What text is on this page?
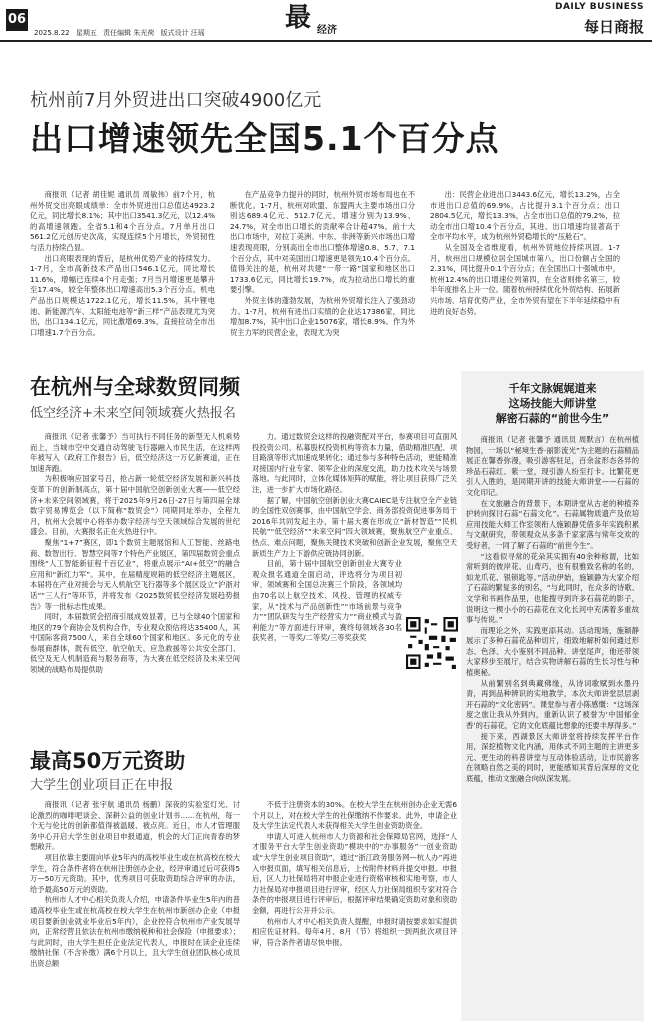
06
2025.8.22 星期五 责任编辑 朱光荷 版式设计 汪瑶	最 经济
DAILY BUSINESS
每日商报
杭州前7月外贸进出口突破4900亿元
出口增速领先全国5.1个百分点

商报讯（记者 胡佳妮 通讯员 周敏伟）前7个月，杭州外贸交出亮眼成绩单：全市外贸进出口总值达4923.2亿元，同比增长8.1%；其中出口3541.3亿元，以12.4%的高增速领跑。全省5.1和4个百分点。7月单月出口561.2亿元创历史次高，实现连续5个月增长，外贸韧性与活力持续凸显。

出口亮眼表现的背后，是杭州优势产业的持续发力。1-7月，全市高新技术产品出口546.1亿元，同比增长11.6%，增幅已连续4个月走强；7月当月增速更是攀升至17.4%，较全年整体出口增速高出5.3个百分点。机电产品出口规模达1722.1亿元，增长11.5%，其中锂电池、新能源汽车、太阳能电池等“新三样”产品表现尤为突出，出口134.1亿元，同比激增69.3%，直接拉动全市出口增速1.7个百分点。

在产品竞争力提升的同时，杭州外贸市场布局也在不断优化。1-7月，杭州对欧盟、东盟两大主要市场出口分别达689.4亿元、512.7亿元，增速分别为13.9%、24.7%，对全市出口增长的贡献率合计超47%。前十大出口市场中，对拉丁美洲、中东、非洲等新兴市场出口增速表现亮眼，分别高出全市出口整体增速0.8、5.7、7.1个百分点，其中对美国出口增速更是领先10.4个百分点。值得关注的是，杭州对共建“一带一路”国家和地区出口1733.6亿元，同比增长19.7%，成为拉动出口增长的重要引擎。

外贸主体的蓬勃发展，为杭州外贸增长注入了强劲动力。1-7月，杭州有进出口实绩的企业达17386家，同比增加8.7%，其中出口企业15076家，增长8.9%。作为外贸主力军的民营企业，表现尤为突

出：民营企业进出口3443.6亿元，增长13.2%，占全市进出口总值的69.9%，占比提升3.1个百分点；出口2804.5亿元，增长13.3%，占全市出口总值的79.2%，拉动全市出口增10.4个百分点，其进、出口增速均显著高于全市平均水平，成为杭州外贸稳增长的“压舱石”。

从全国及全省维度看，杭州外贸地位持续巩固。1-7月，杭州出口规模位居全国城市第八，出口份额占全国的2.31%，同比提升0.1个百分点；在全国出口十强城市中，杭州12.4%的出口增速位列第四，在全省则排名第三，较半年度排名上升一位。随着杭州持续优化外贸结构、拓展新兴市场、培育优势产业，全市外贸有望在下半年延续稳中有进的良好态势。

在杭州与全球数贸同频
低空经济+未来空间领域赛火热报名

商报讯（记者 张馨予）当可执行不同任务的新型无人机乘势而上，当城市空中交通自动驾驶飞行器融入市民生活，在这样两年被写入《政府工作报告》后，低空经济这一万亿新赛道，正在加速奔跑。

为积极响应国家号召，抢占新一轮低空经济发展和新兴科技变革下的创新制高点，第十届中国航空创新创业大赛——低空经济+未来空间领域赛，将于2025年9月26日-27日与第四届全球数字贸易博览会（以下简称“数贸会”）同期同址举办，全程九月，杭州大会展中心将举办数字经济与空天领域综合发展的世纪盛会。目前，大赛报名正在火热进行中。

聚焦“1+7”赛区，即1个数贸主题展馆和人工智能、丝路电商、数智出行、智慧空间等7个特色产业展区，第四届数贸会重点围绕“人工智能新征程千百亿业”，将重点展示“AI+低空”的融合应用和“新红力军”。其中，在届精度规箱的低空经济主题展区，本届将在产业对接会与无人机航空飞行器等多个展区设立“沪浙对话”“三人行”等环节，并将发布《2025数贸低空经济发展趋势报告》等一批标志性成果。

同时，本届数贸会招商引展成效显著，已与全球40个国家和地区的79个商协会及机构合作，专业观众预估将达35400人，其中国际客商7500人，来自全球60个国家和地区。多元化的专业参展商群体，既有低空、航空航天、应急救援等公共安全部门、低空及无人机制造商与服务商等，为大赛在低空经济及未来空间领域的战略布局提供助

力。通过数贸会这样的投融资配对平台，参赛项目可直面风投投资公司、私募股权投资机构等资本力量，借助精准匹配、项目路演等形式加速成果转化；通过参与多种特色活动，更能精准对接国内行业专家、领军企业的深度交流，助力技术攻关与场景落地。与此同时，立体化媒体矩阵的赋能，将让项目获得广泛关注，进一步扩大市场化路径。

据了解，中国航空创新创业大赛CAIEC是专注航空全产业链的全国性双创赛事，由中国航空学会、商务部投资促进事务局于2016年共同发起主办，第十届大赛在形成立“新材智造”“民机民航”“低空经济”“未来空间”四大领域赛，聚焦航空产业重点、热点、难点问题，聚焦关键技术突破和创新企业发展，聚焦空天新质生产力上下游供应链协同创新。

目前，第十届中国航空创新创业大赛专业观众报名通道全面启动，评选将分为项目初审、领域赛和全国总决赛三个阶段，各领域均由70名以上航空技术、风投、管理的权威专家，从“技术与产品创新性”“市场前景与竞争力”“团队研发与生产经营实力”“商业模式与盈利能力”等方面进行评审，赛终每领域各30名获奖者，一等奖/二等奖/三等奖获奖

最高50万元资助
大学生创业项目正在申报

商报讯（记者 张宇航 通讯员 杨鹏）深夜的实验室灯光、讨论激烈的咖啡吧谈会、深耕公益的创业计划书……在杭州，每一个无与伦比的创新都值得被温暖、被点亮。近日，市人才管理服务中心开启大学生创业项目申报通道，机会的大门正向青春的梦想敞开。

项目依靠主要面向毕业5年内的高校毕业生或在杭高校在校大学生，符合条件者将在杭州注册创办企业，经评审通过后可获得5万—50万元资助。其中，优秀项目可获取资助综合评审的办法，给予最高50万元的资助。

杭州市人才中心相关负责人介绍，申请条件毕业生5年内的普通高校毕业生或在杭高校在校大学生在杭州市新创办企业（申报项目要新创业就业毕业后5年内），企业控符合杭州市产业发展导向，正常经营且依法在杭州市缴纳税种和社会保险（申报要求）；与此同时，由大学生担任企业法定代表人，申报时在读企业连续缴纳社保（不含补缴）满6个月以上，且大学生创业团队核心成员出资总额

不低于注册资本的30%。在校大学生在杭州创办企业无需6个月以上，对在校大学生的社保缴纳不作要求。此外，申请企业及大学生法定代表人未获得相关大学生创业资助资金。

申请人可进入杭州市人力资源和社会保障局官网，选择“人才服务平台大学生创业资助”模块中的“办事服务”一创业资助或“大学生创业项目资助”，通过“浙江政务服务网—杭人办”再进入申报页面，填写相关信息后，上传附件材料并提交申报。申报后，区人力社保局将对申报企业进行资格审核和实地考察，市人力社保局对申报项目进行评审，经区人力社保局组织专家对符合条件的申报项目进行评审后，根据评审结果确定资助对象和资助金额，再进行公开并公示。

杭州市人才中心相关负责人提醒，申报时请按要求如实提供相应佐证材料。每年4月、8月（节）将组织一到两批次项目评审，符合条件者请尽快申报。

千年文脉娓娓道来
这场技能大师讲堂
解密石蒜的“前世今生”

商报讯（记者 张馨予 通讯员 周默言）在杭州植物园，一场以“秘境生香·丽影流光”为主题的石蒜精品展正在馨香弥漫，吸引游客驻足，百余盆形态各异的珍品石蒜红、紫一堂，现引游人纷至打卡。比繁花更引人入胜的，是同期开讲的技能大师讲堂——石蒜的文化印记。

在文旅融合的背景下，本期讲堂从古老的种植养护转向探讨石蒜“石蒜文化”。石蒜属物质遗产及依培应用技能大师工作室领衔人施颖静凭借多年实践积累与文献研究，带领观众从多条千家家落与常年交欢的受好者，一同了解了石蒜的“前世今生”。

“这看似寻常的花朵其实拥有40余种称谓，比如常听到的彼岸花、山鸢巧，也有很雅致名称的名的，如龙爪花、银锁匙等。”活动伊始，施颖静为大家介绍了石蒜的繁复多的别名，“与此同时，在众多的诗歌、文学和书画作品里，也能搜寻到许多石蒜花的影子，说明这一楔小小的石蒜花在文化长河中充满着多重故事与传说。”

而理论之外，实践更添其动。活动现场，施颖静展示了多种石蒜花品种切片，细致地解析如何通过形态、色泽、大小鉴别不同品种。讲堂尾声，他还带领大家移步至展厅，结合实物讲解石蒜的生长习性与种植奥秘。

从前繁别名到典藏佛缘，从诗词歌赋到水墨丹青，再到品种辨识的实地教学，本次大师讲堂层层剥开石蒜的“文化密码”。课堂参与者小陈感慨：“这场深度之旅让我从外到内，重新认识了被誉为‘中国郁金香’的石蒜花，它的文化底蕴比想象的还要丰厚得多。”

接下来，西湖景区大师讲堂将持续发挥平台作用，深挖植物文化内涵，用体式不同主题的主讲更多元、更生动的科普讲堂与互动体验活动，让市民游客在领略自然之美的同时，更能感知其背后深厚的文化底蕴，推动文旅融合向纵深发展。
